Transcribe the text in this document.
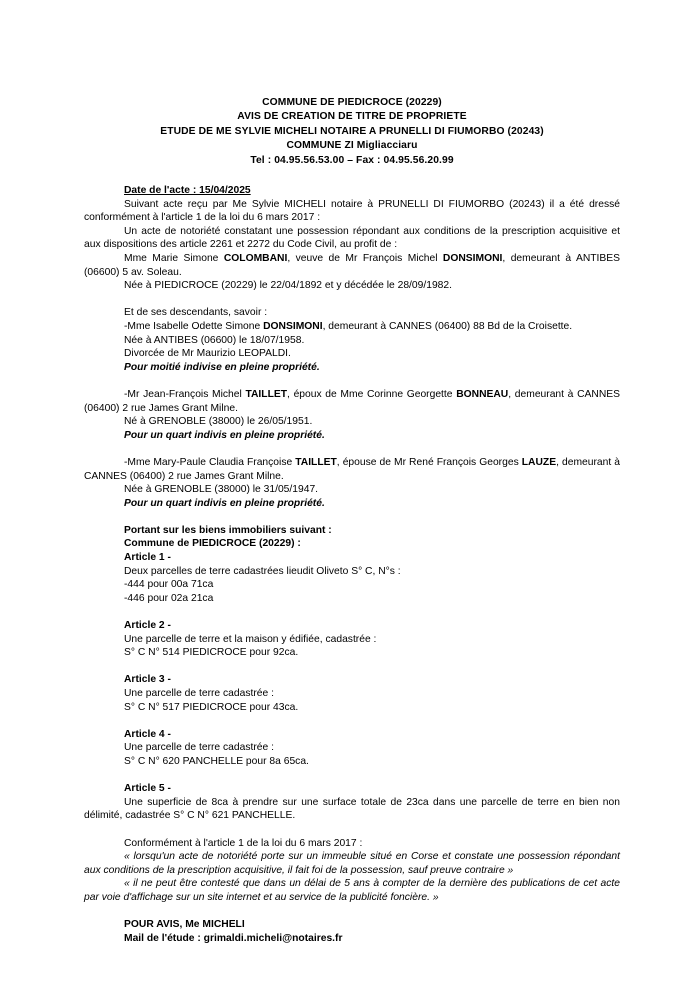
COMMUNE DE PIEDICROCE (20229)
AVIS DE CREATION DE TITRE DE PROPRIETE
ETUDE DE ME SYLVIE MICHELI NOTAIRE A PRUNELLI DI FIUMORBO (20243)
COMMUNE ZI Migliacciaru
Tel : 04.95.56.53.00 – Fax : 04.95.56.20.99

Date de l'acte : 15/04/2025

Suivant acte reçu par Me Sylvie MICHELI notaire à PRUNELLI DI FIUMORBO (20243) il a été dressé conformément à l'article 1 de la loi du 6 mars 2017 :

Un acte de notoriété constatant une possession répondant aux conditions de la prescription acquisitive et aux dispositions des article 2261 et 2272 du Code Civil, au profit de :

Mme Marie Simone COLOMBANI, veuve de Mr François Michel DONSIMONI, demeurant à ANTIBES (06600) 5 av. Soleau.

Née à PIEDICROCE (20229) le 22/04/1892 et y décédée le 28/09/1982.

Et de ses descendants, savoir :

-Mme Isabelle Odette Simone DONSIMONI, demeurant à CANNES (06400) 88 Bd de la Croisette.

Née à ANTIBES (06600) le 18/07/1958.

Divorcée de Mr Maurizio LEOPALDI.

Pour moitié indivise en pleine propriété.

-Mr Jean-François Michel TAILLET, époux de Mme Corinne Georgette BONNEAU, demeurant à CANNES (06400) 2 rue James Grant Milne.

Né à GRENOBLE (38000) le 26/05/1951.

Pour un quart indivis en pleine propriété.

-Mme Mary-Paule Claudia Françoise TAILLET, épouse de Mr René François Georges LAUZE, demeurant à CANNES (06400) 2 rue James Grant Milne.

Née à GRENOBLE (38000) le 31/05/1947.

Pour un quart indivis en pleine propriété.

Portant sur les biens immobiliers suivant :

Commune de PIEDICROCE (20229) :

Article 1 -

Deux parcelles de terre cadastrées lieudit Oliveto S° C, N°s :

-444 pour 00a 71ca

-446 pour 02a 21ca

Article 2 -

Une parcelle de terre et la maison y édifiée, cadastrée :

S° C N° 514 PIEDICROCE pour 92ca.

Article 3 -

Une parcelle de terre cadastrée :

S° C N° 517 PIEDICROCE pour 43ca.

Article 4 -

Une parcelle de terre cadastrée :

S° C N° 620 PANCHELLE pour 8a 65ca.

Article 5 -

Une superficie de 8ca à prendre sur une surface totale de 23ca dans une parcelle de terre en bien non délimité, cadastrée S° C N° 621 PANCHELLE.

Conformément à l'article 1 de la loi du 6 mars 2017 :

« lorsqu'un acte de notoriété porte sur un immeuble situé en Corse et constate une possession répondant aux conditions de la prescription acquisitive, il fait foi de la possession, sauf preuve contraire »

« il ne peut être contesté que dans un délai de 5 ans à compter de la dernière des publications de cet acte par voie d'affichage sur un site internet et au service de la publicité foncière. »

POUR AVIS, Me MICHELI

Mail de l'étude : grimaldi.micheli@notaires.fr
